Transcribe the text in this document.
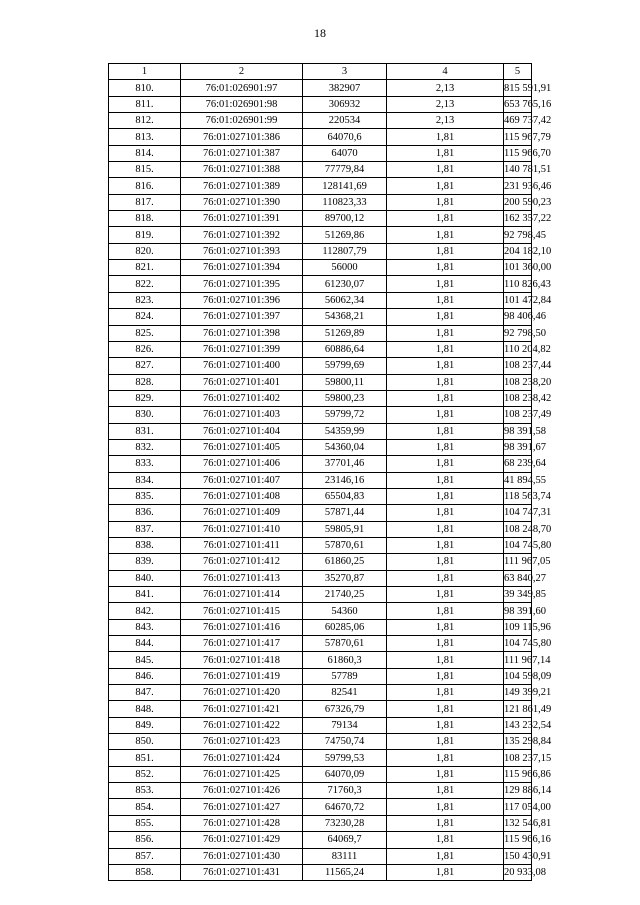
18
1	2	3	4	5
810.	76:01:026901:97	382907	2,13	815 591,91
811.	76:01:026901:98	306932	2,13	653 765,16
812.	76:01:026901:99	220534	2,13	469 737,42
813.	76:01:027101:386	64070,6	1,81	115 967,79
814.	76:01:027101:387	64070	1,81	115 966,70
815.	76:01:027101:388	77779,84	1,81	140 781,51
816.	76:01:027101:389	128141,69	1,81	231 936,46
817.	76:01:027101:390	110823,33	1,81	200 590,23
818.	76:01:027101:391	89700,12	1,81	162 357,22
819.	76:01:027101:392	51269,86	1,81	92 798,45
820.	76:01:027101:393	112807,79	1,81	204 182,10
821.	76:01:027101:394	56000	1,81	101 360,00
822.	76:01:027101:395	61230,07	1,81	110 826,43
823.	76:01:027101:396	56062,34	1,81	101 472,84
824.	76:01:027101:397	54368,21	1,81	98 406,46
825.	76:01:027101:398	51269,89	1,81	92 798,50
826.	76:01:027101:399	60886,64	1,81	110 204,82
827.	76:01:027101:400	59799,69	1,81	108 237,44
828.	76:01:027101:401	59800,11	1,81	108 238,20
829.	76:01:027101:402	59800,23	1,81	108 238,42
830.	76:01:027101:403	59799,72	1,81	108 237,49
831.	76:01:027101:404	54359,99	1,81	98 391,58
832.	76:01:027101:405	54360,04	1,81	98 391,67
833.	76:01:027101:406	37701,46	1,81	68 239,64
834.	76:01:027101:407	23146,16	1,81	41 894,55
835.	76:01:027101:408	65504,83	1,81	118 563,74
836.	76:01:027101:409	57871,44	1,81	104 747,31
837.	76:01:027101:410	59805,91	1,81	108 248,70
838.	76:01:027101:411	57870,61	1,81	104 745,80
839.	76:01:027101:412	61860,25	1,81	111 967,05
840.	76:01:027101:413	35270,87	1,81	63 840,27
841.	76:01:027101:414	21740,25	1,81	39 349,85
842.	76:01:027101:415	54360	1,81	98 391,60
843.	76:01:027101:416	60285,06	1,81	109 115,96
844.	76:01:027101:417	57870,61	1,81	104 745,80
845.	76:01:027101:418	61860,3	1,81	111 967,14
846.	76:01:027101:419	57789	1,81	104 598,09
847.	76:01:027101:420	82541	1,81	149 399,21
848.	76:01:027101:421	67326,79	1,81	121 861,49
849.	76:01:027101:422	79134	1,81	143 232,54
850.	76:01:027101:423	74750,74	1,81	135 298,84
851.	76:01:027101:424	59799,53	1,81	108 237,15
852.	76:01:027101:425	64070,09	1,81	115 966,86
853.	76:01:027101:426	71760,3	1,81	129 886,14
854.	76:01:027101:427	64670,72	1,81	117 054,00
855.	76:01:027101:428	73230,28	1,81	132 546,81
856.	76:01:027101:429	64069,7	1,81	115 966,16
857.	76:01:027101:430	83111	1,81	150 430,91
858.	76:01:027101:431	11565,24	1,81	20 933,08
